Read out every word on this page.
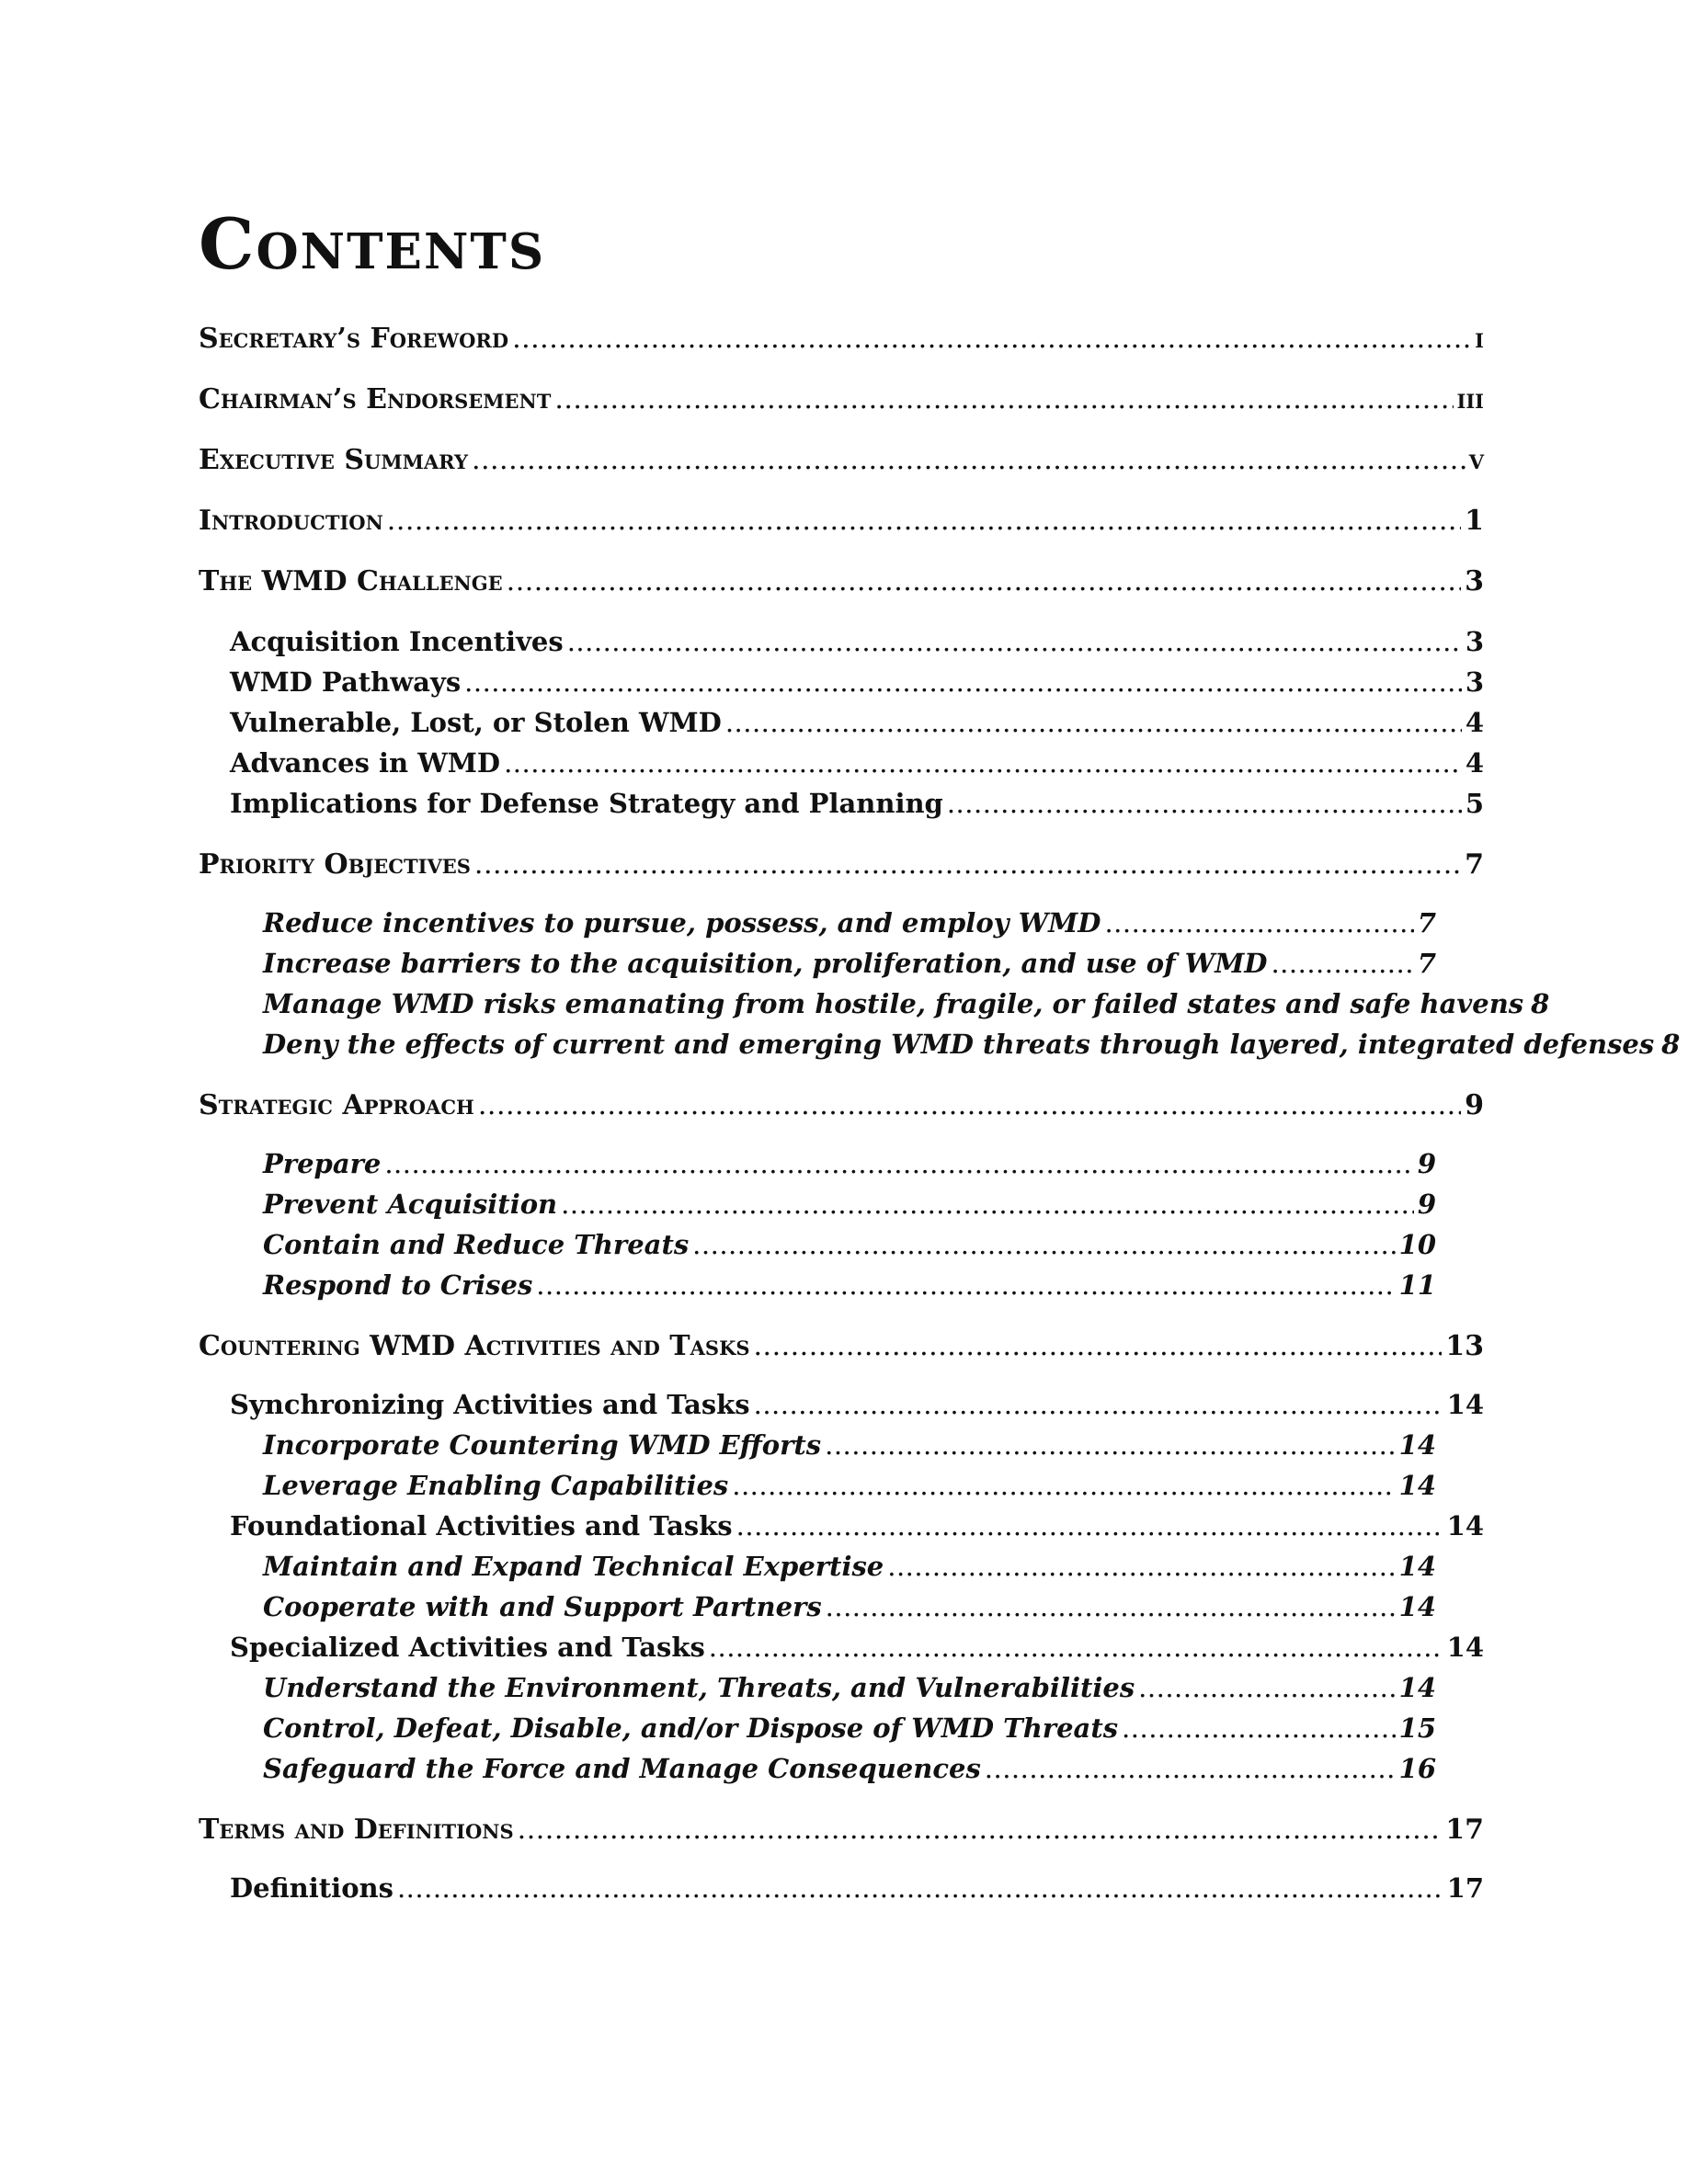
Contents
Secretary’s Foreword .....	i
Chairman’s Endorsement .....	iii
Executive Summary .....	v
Introduction .....	1
The WMD Challenge .....	3
Acquisition Incentives .....	3
WMD Pathways .....	3
Vulnerable, Lost, or Stolen WMD .....	4
Advances in WMD .....	4
Implications for Defense Strategy and Planning .....	5
Priority Objectives .....	7
Reduce incentives to pursue, possess, and employ WMD .....	7
Increase barriers to the acquisition, proliferation, and use of WMD .....	7
Manage WMD risks emanating from hostile, fragile, or failed states and safe havens 8
Deny the effects of current and emerging WMD threats through layered, integrated defenses 8
Strategic Approach .....	9
Prepare .....	9
Prevent Acquisition .....	9
Contain and Reduce Threats .....	10
Respond to Crises .....	11
Countering WMD Activities and Tasks .....	13
Synchronizing Activities and Tasks .....	14
Incorporate Countering WMD Efforts .....	14
Leverage Enabling Capabilities .....	14
Foundational Activities and Tasks .....	14
Maintain and Expand Technical Expertise .....	14
Cooperate with and Support Partners .....	14
Specialized Activities and Tasks .....	14
Understand the Environment, Threats, and Vulnerabilities .....	14
Control, Defeat, Disable, and/or Dispose of WMD Threats .....	15
Safeguard the Force and Manage Consequences .....	16
Terms and Definitions .....	17
Definitions .....	17
